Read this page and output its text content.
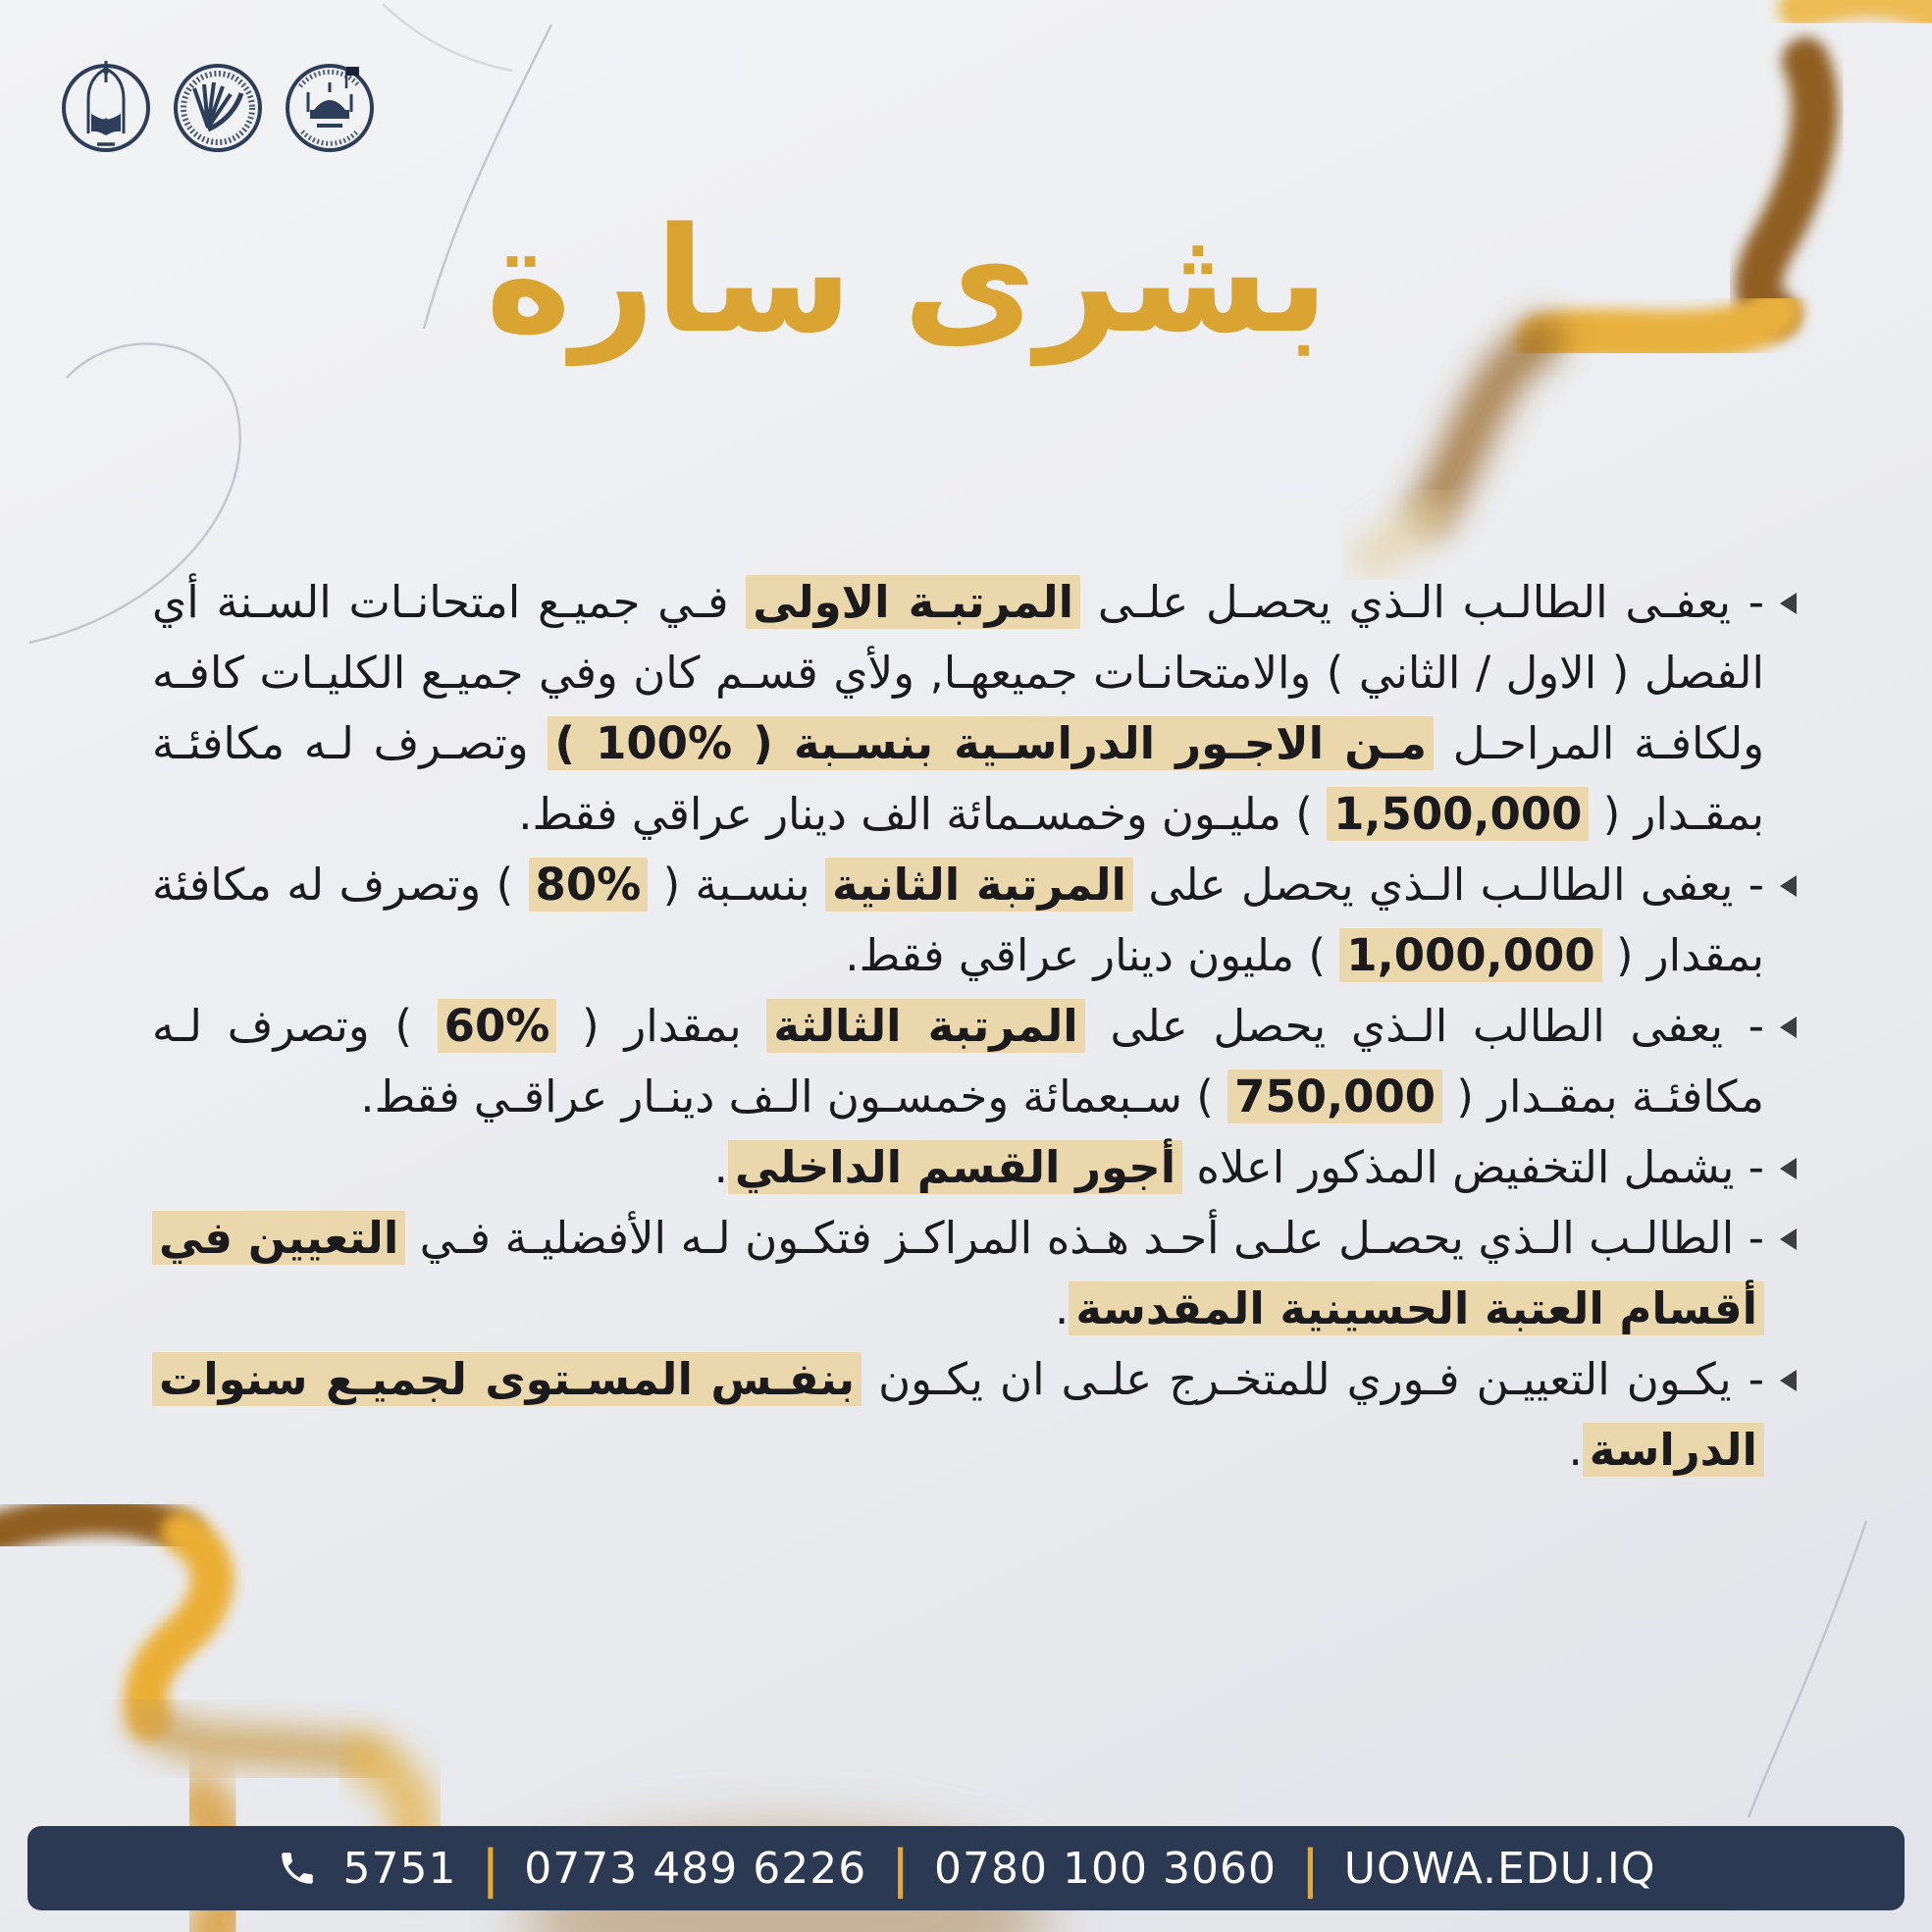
بشرى سارة
- يعفـى الطالـب الـذي يحصـل علـى المرتبـة الاولى فـي جميـع امتحانـات السـنة أي الفصل ( الاول / الثاني ) والامتحانـات جميعهـا, ولأي قسـم كان وفي جميـع الكليـات كافـه ولكافـة المراحـل مـن الاجـور الدراسـية بنسـبة ( %100 ) وتصـرف لـه مكافئـة بمقـدار ( 1,500,000 ) مليـون وخمسـمائة الف دينار عراقي فقط.
- يعفى الطالـب الـذي يحصل على المرتبة الثانية بنسـبة ( %80 ) وتصرف له مكافئة بمقدار ( 1,000,000 ) مليون دينار عراقي فقط.
- يعفى الطالب الـذي يحصل على المرتبة الثالثة بمقدار ( %60 ) وتصرف لـه مكافئـة بمقـدار ( 750,000 ) سـبعمائة وخمسـون الـف دينـار عراقـي فقط.
- يشمل التخفيض المذكور اعلاه أجور القسم الداخلي.
- الطالـب الـذي يحصـل علـى أحـد هـذه المراكـز فتكـون لـه الأفضليـة فـي التعيين في أقسام العتبة الحسينية المقدسة.
- يكـون التعييـن فـوري للمتخـرج علـى ان يكـون بنفـس المسـتوى لجميـع سنوات الدراسة.
5751 | 0773 489 6226 | 0780 100 3060 | UOWA.EDU.IQ
